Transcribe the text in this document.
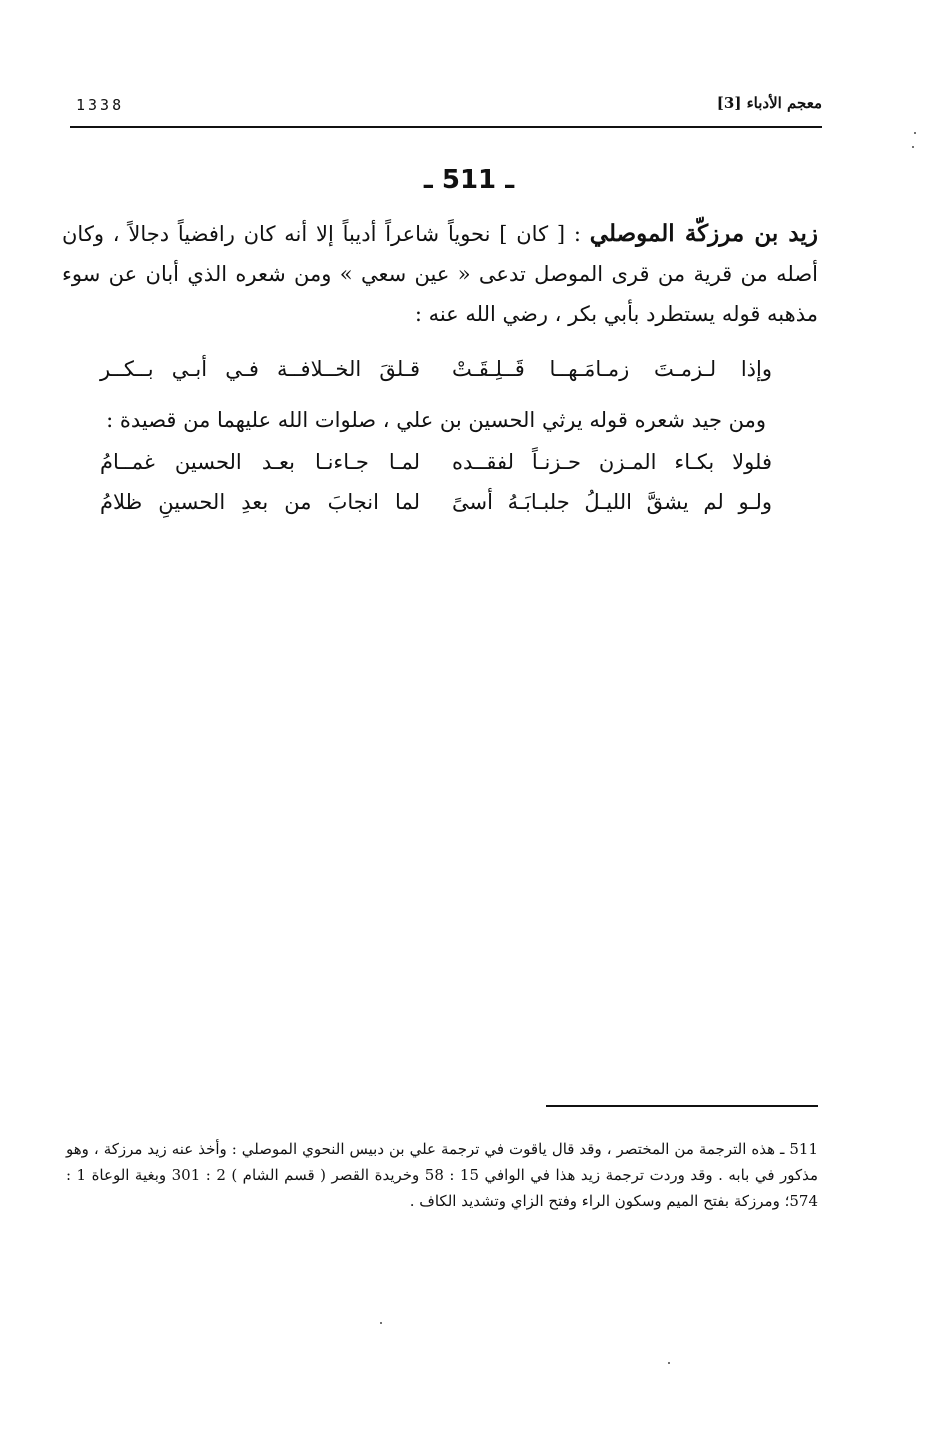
1338	معجم الأدباء [3]
ـ 511 ـ

زيد بن مرزكّة الموصلي : [ كان ] نحوياً شاعراً أديباً إلا أنه كان رافضياً دجالاً ، وكان أصله من قرية من قرى الموصل تدعى « عين سعي » ومن شعره الذي أبان عن سوء مذهبه قوله يستطرد بأبي بكر ، رضي الله عنه :

وإذا لـزمـتَ زمـامَـهــا قَــلِـقَـتْ
قـلقَ الخــلافــة فـي أبـي بــكــر
ومن جيد شعره قوله يرثي الحسين بن علي ، صلوات الله عليهما من قصيدة :
فلولا بكـاء المـزن حـزنـاً لفقــده
لمـا جـاءنـا بعـد الحسين غمــامُ
ولـو لم يشقَّ الليـلُ جلبـابَـهُ أسىً
لما انجابَ من بعدِ الحسينِ ظلامُ
511 ـ هذه الترجمة من المختصر ، وقد قال ياقوت في ترجمة علي بن دبيس النحوي الموصلي : وأخذ عنه زيد مرزكة ، وهو مذكور في بابه . وقد وردت ترجمة زيد هذا في الوافي 15 : 58 وخريدة القصر ( قسم الشام ) 2 : 301 وبغية الوعاة 1 : 574؛ ومرزكة بفتح الميم وسكون الراء وفتح الزاي وتشديد الكاف .
